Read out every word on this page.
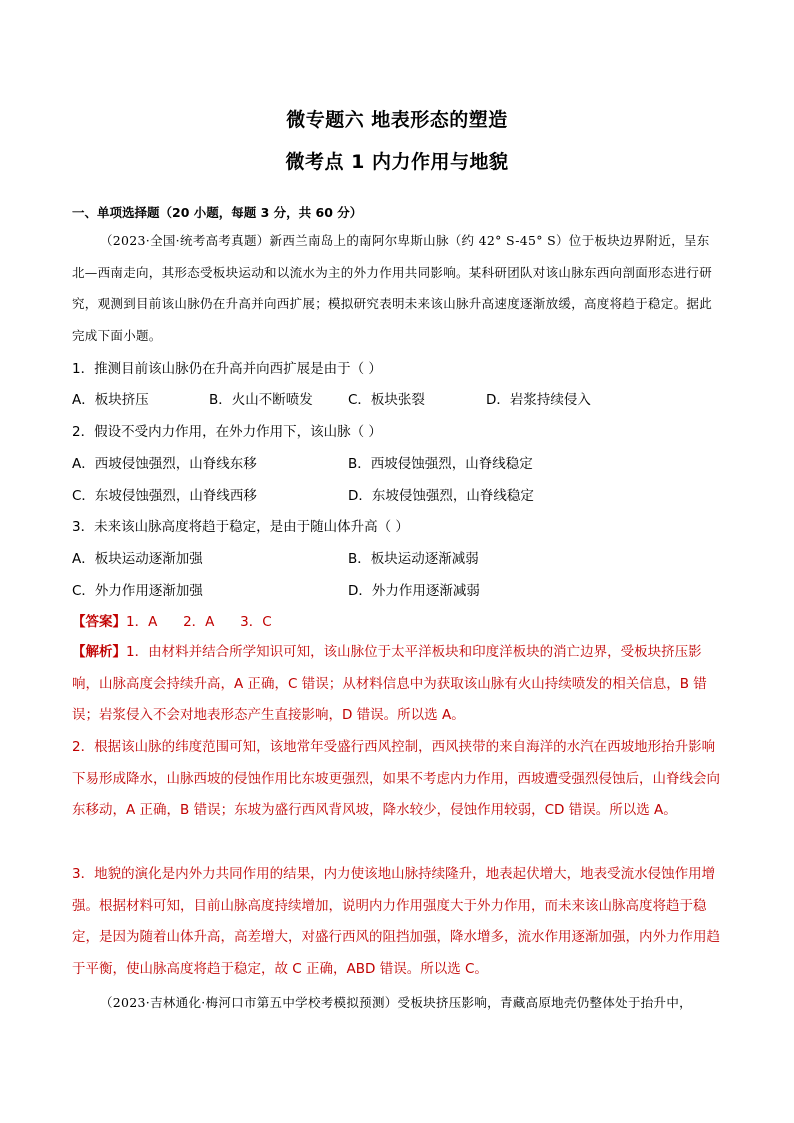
微专题六 地表形态的塑造
微考点 1 内力作用与地貌
一、单项选择题（20 小题，每题 3 分，共 60 分）
（2023·全国·统考高考真题）新西兰南岛上的南阿尔卑斯山脉（约 42° S-45° S）位于板块边界附近，呈东北—西南走向，其形态受板块运动和以流水为主的外力作用共同影响。某科研团队对该山脉东西向剖面形态进行研究，观测到目前该山脉仍在升高并向西扩展；模拟研究表明未来该山脉升高速度逐渐放缓，高度将趋于稳定。据此完成下面小题。
1．推测目前该山脉仍在升高并向西扩展是由于（ ）
A．板块挤压	B．火山不断喷发	C．板块张裂	D．岩浆持续侵入
2．假设不受内力作用，在外力作用下，该山脉（ ）
A．西坡侵蚀强烈，山脊线东移	B．西坡侵蚀强烈，山脊线稳定
C．东坡侵蚀强烈，山脊线西移	D．东坡侵蚀强烈，山脊线稳定
3．未来该山脉高度将趋于稳定，是由于随山体升高（ ）
A．板块运动逐渐加强	B．板块运动逐渐减弱
C．外力作用逐渐加强	D．外力作用逐渐减弱
【答案】1．A      2．A      3．C
【解析】1．由材料并结合所学知识可知，该山脉位于太平洋板块和印度洋板块的消亡边界，受板块挤压影响，山脉高度会持续升高，A 正确，C 错误；从材料信息中为获取该山脉有火山持续喷发的相关信息，B 错误；岩浆侵入不会对地表形态产生直接影响，D 错误。所以选 A。
2．根据该山脉的纬度范围可知，该地常年受盛行西风控制，西风挟带的来自海洋的水汽在西坡地形抬升影响下易形成降水，山脉西坡的侵蚀作用比东坡更强烈，如果不考虑内力作用，西坡遭受强烈侵蚀后，山脊线会向东移动，A 正确，B 错误；东坡为盛行西风背风坡，降水较少，侵蚀作用较弱，CD 错误。所以选 A。
3．地貌的演化是内外力共同作用的结果，内力使该地山脉持续隆升，地表起伏增大，地表受流水侵蚀作用增强。根据材料可知，目前山脉高度持续增加，说明内力作用强度大于外力作用，而未来该山脉高度将趋于稳定，是因为随着山体升高，高差增大，对盛行西风的阻挡加强，降水增多，流水作用逐渐加强，内外力作用趋于平衡，使山脉高度将趋于稳定，故 C 正确，ABD 错误。所以选 C。
（2023·吉林通化·梅河口市第五中学校考模拟预测）受板块挤压影响，青藏高原地壳仍整体处于抬升中，
